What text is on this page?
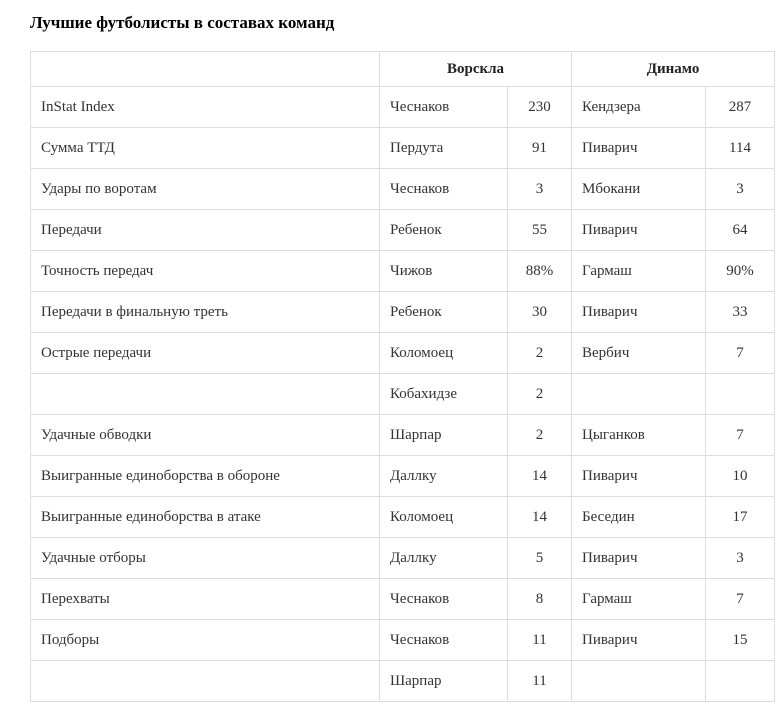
Лучшие футболисты в составах команд
	Ворскла		Динамо	
InStat Index	Чеснаков	230	Кендзера	287
Сумма ТТД	Пердута	91	Пиварич	114
Удары по воротам	Чеснаков	3	Мбокани	3
Передачи	Ребенок	55	Пиварич	64
Точность передач	Чижов	88%	Гармаш	90%
Передачи в финальную треть	Ребенок	30	Пиварич	33
Острые передачи	Коломоец	2	Вербич	7
	Кобахидзе	2		
Удачные обводки	Шарпар	2	Цыганков	7
Выигранные единоборства в обороне	Даллку	14	Пиварич	10
Выигранные единоборства в атаке	Коломоец	14	Беседин	17
Удачные отборы	Даллку	5	Пиварич	3
Перехваты	Чеснаков	8	Гармаш	7
Подборы	Чеснаков	11	Пиварич	15
	Шарпар	11		
